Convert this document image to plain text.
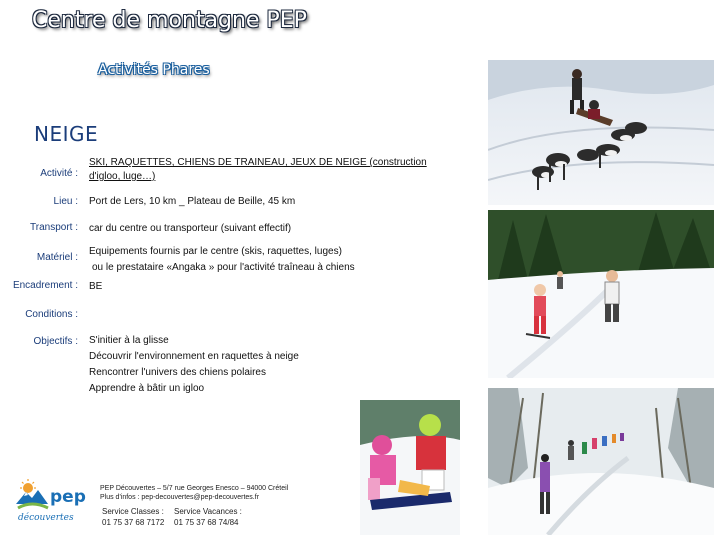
Centre de montagne PEP
Activités Phares
NEIGE
Activité :
SKI, RAQUETTES, CHIENS DE TRAINEAU, JEUX DE NEIGE (construction
d'igloo, luge…)
Lieu : Port de Lers, 10 km _ Plateau de Beille, 45 km
Transport : car du centre ou transporteur (suivant effectif)
Matériel :
Equipements fournis par le centre (skis, raquettes, luges)
ou le prestataire «Angaka » pour l'activité traîneau à chiens
Encadrement : BE
Conditions :
Objectifs : S'initier à la glisse
Découvrir l'environnement en raquettes à neige
Rencontrer l'univers des chiens polaires
Apprendre à bâtir un igloo
pep
découvertes
PEP Découvertes – 5/7 rue Georges Enesco – 94000 Créteil
Plus d'infos : pep-decouvertes@pep-decouvertes.fr
Service Classes :
01 75 37 68 7172
Service Vacances :
01 75 37 68 74/84
